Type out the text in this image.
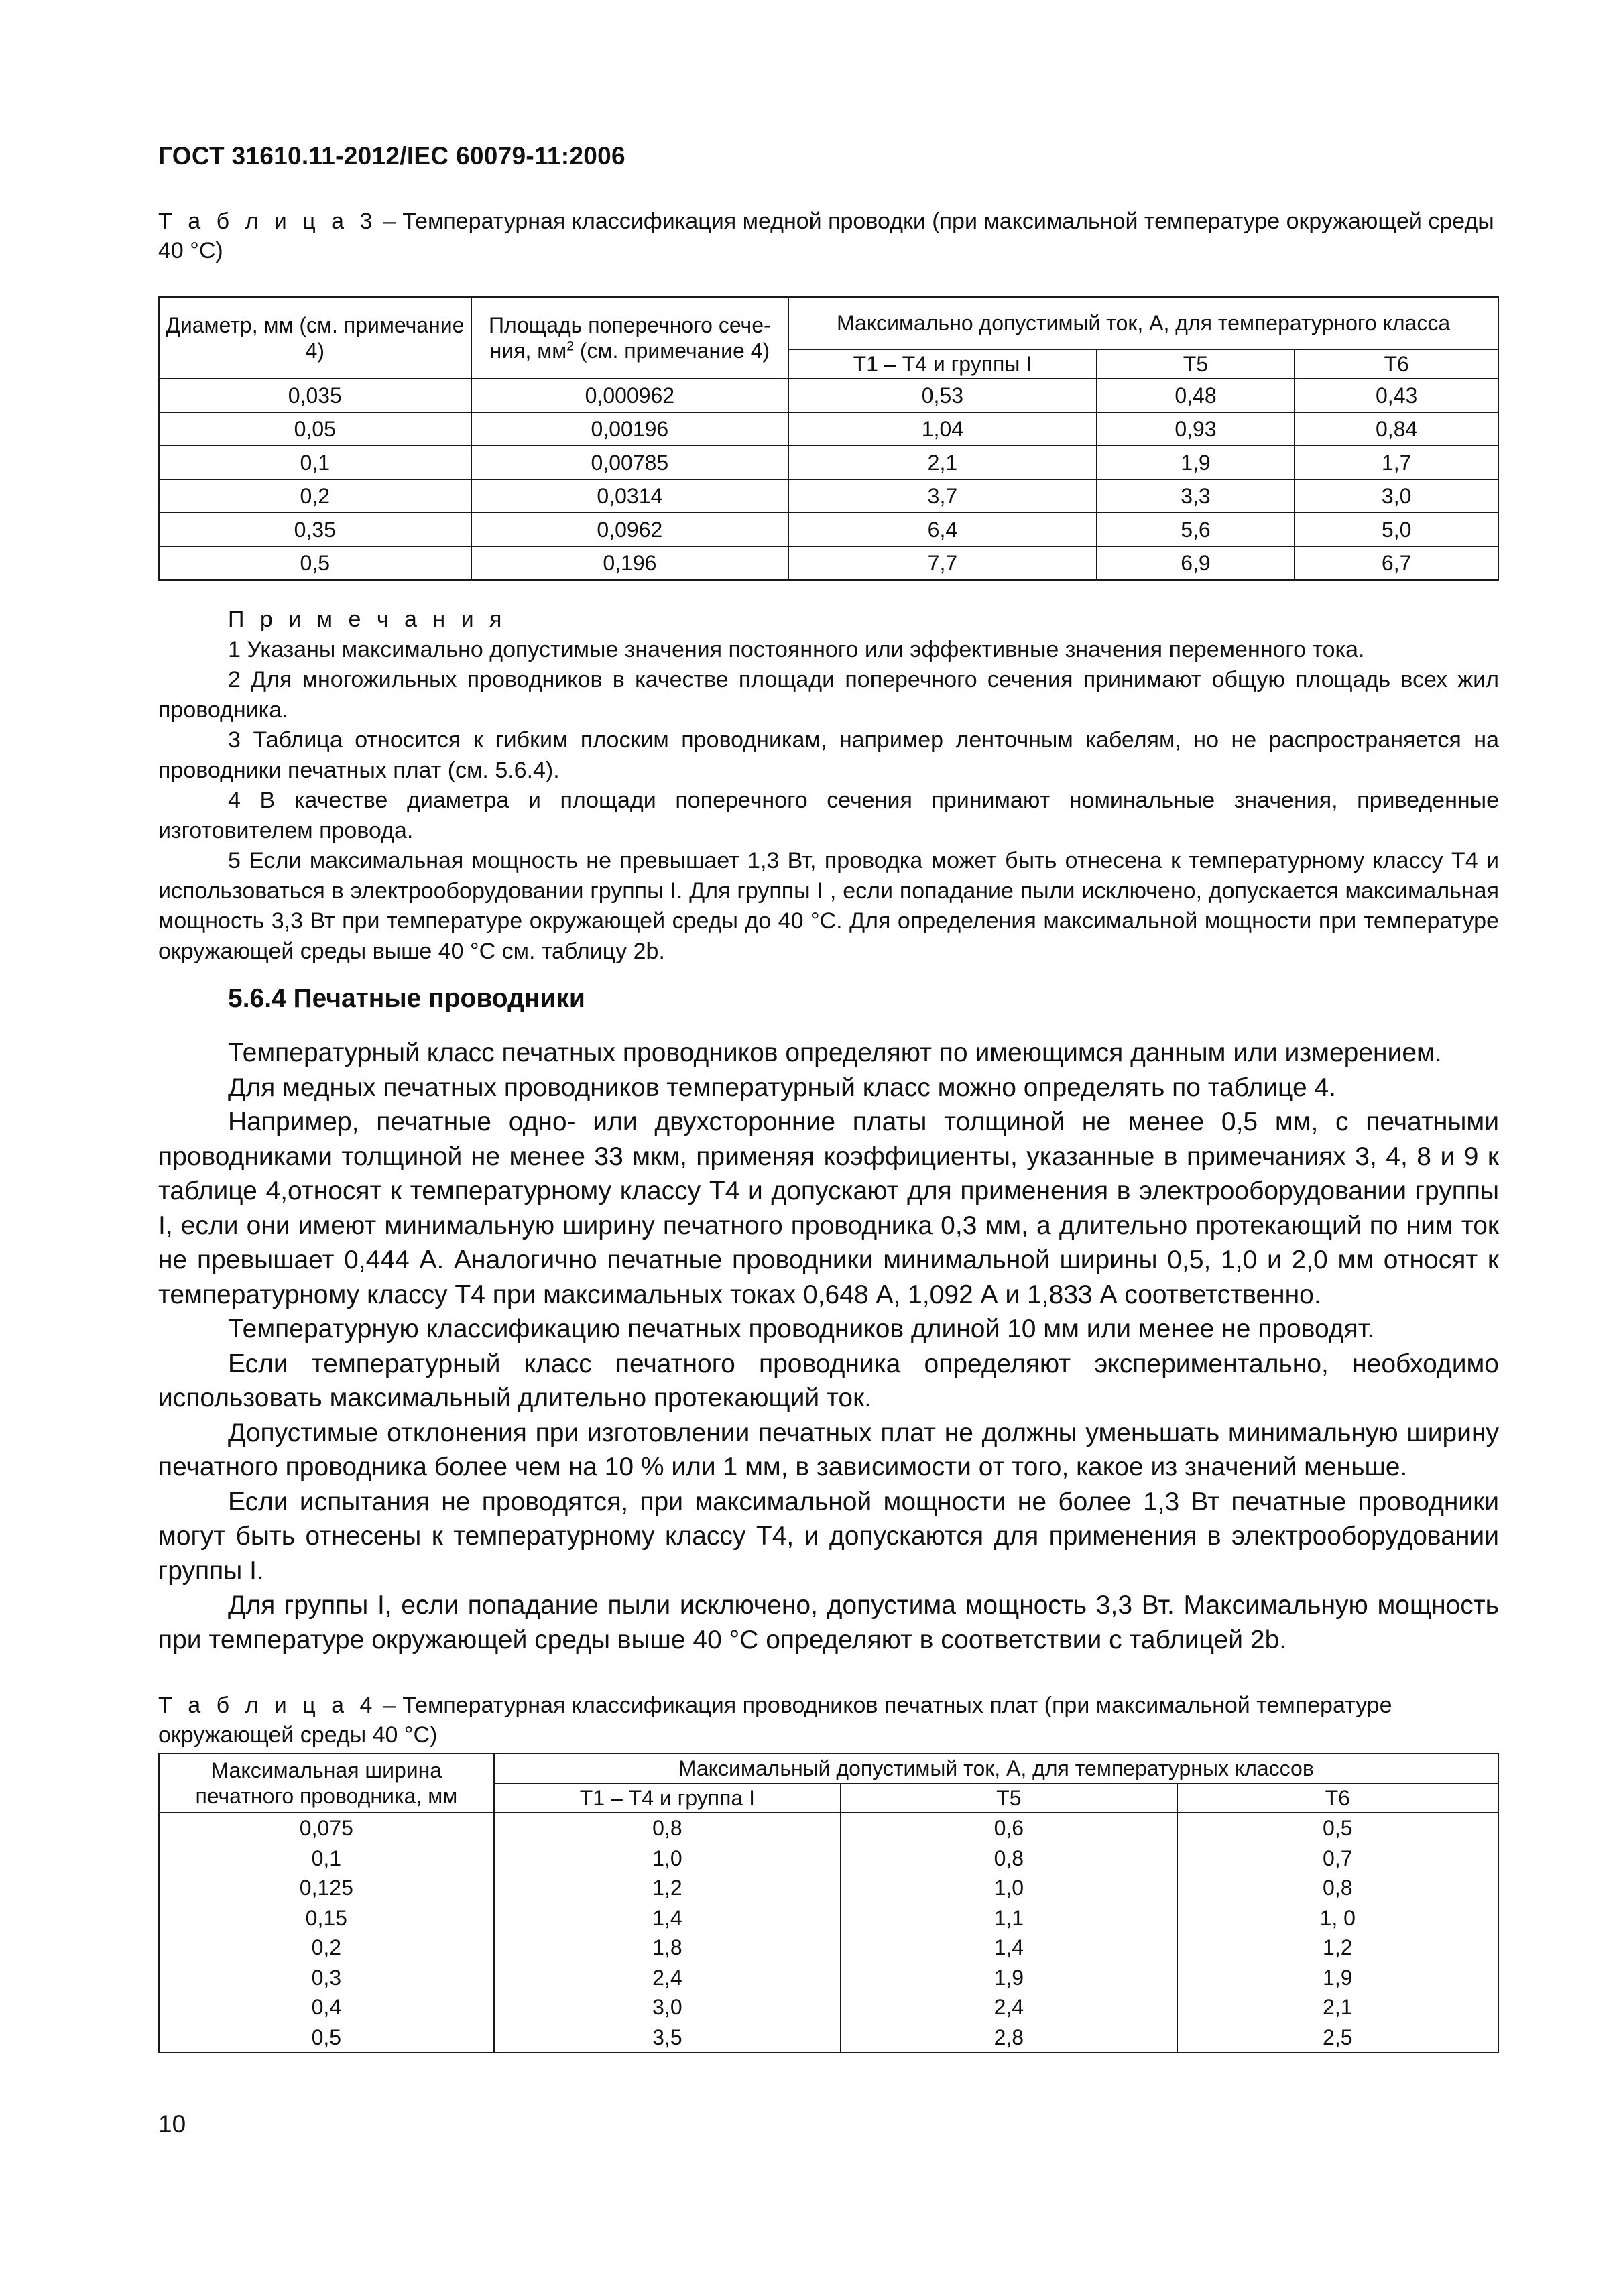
ГОСТ 31610.11-2012/IEC 60079-11:2006
Т а б л и ц а 3 – Температурная классификация медной проводки (при максимальной температуре окружающей среды 40 °С)
Диаметр, мм (см. примечание 4)	Площадь поперечного сече-ния, $мм^2$ (см. примечание 4)	Максимально допустимый ток, А, для температурного класса		
		Т1 – Т4 и группы I	Т5	Т6
0,035	0,000962	0,53	0,48	0,43
0,05	0,00196	1,04	0,93	0,84
0,1	0,00785	2,1	1,9	1,7
0,2	0,0314	3,7	3,3	3,0
0,35	0,0962	6,4	5,6	5,0
0,5	0,196	7,7	6,9	6,7

П р и м е ч а н и я

1 Указаны максимально допустимые значения постоянного или эффективные значения переменного тока.

2 Для многожильных проводников в качестве площади поперечного сечения принимают общую площадь всех жил проводника.

3 Таблица относится к гибким плоским проводникам, например ленточным кабелям, но не распространяется на проводники печатных плат (см. 5.6.4).

4 В качестве диаметра и площади поперечного сечения принимают номинальные значения, приведенные изготовителем провода.

5 Если максимальная мощность не превышает 1,3 Вт, проводка может быть отнесена к температурному классу Т4 и использоваться в электрооборудовании группы I. Для группы I , если попадание пыли исключено, допускается максимальная мощность 3,3 Вт при температуре окружающей среды до 40 °С. Для определения максимальной мощности при температуре окружающей среды выше 40 °С см. таблицу 2b.

5.6.4 Печатные проводники

Температурный класс печатных проводников определяют по имеющимся данным или измерением.

Для медных печатных проводников температурный класс можно определять по таблице 4.

Например, печатные одно- или двухсторонние платы толщиной не менее 0,5 мм, с печатными проводниками толщиной не менее 33 мкм, применяя коэффициенты, указанные в примечаниях 3, 4, 8 и 9 к таблице 4,относят к температурному классу Т4 и допускают для применения в электрооборудовании группы I, если они имеют минимальную ширину печатного проводника 0,3 мм, а длительно протекающий по ним ток не превышает 0,444 А. Аналогично печатные проводники минимальной ширины 0,5, 1,0 и 2,0 мм относят к температурному классу Т4 при максимальных токах 0,648 А, 1,092 А и 1,833 А соответственно.

Температурную классификацию печатных проводников длиной 10 мм или менее не проводят.

Если температурный класс печатного проводника определяют экспериментально, необходимо использовать максимальный длительно протекающий ток.

Допустимые отклонения при изготовлении печатных плат не должны уменьшать минимальную ширину печатного проводника более чем на 10 % или 1 мм, в зависимости от того, какое из значений меньше.

Если испытания не проводятся, при максимальной мощности не более 1,3 Вт печатные проводники могут быть отнесены к температурному классу Т4, и допускаются для применения в электрооборудовании группы I.

Для группы I, если попадание пыли исключено, допустима мощность 3,3 Вт. Максимальную мощность при температуре окружающей среды выше 40 °С определяют в соответствии с таблицей 2b.

Т а б л и ц а 4 – Температурная классификация проводников печатных плат (при максимальной температуре окружающей среды 40 °С)
Максимальная ширина печатного проводника, мм	Максимальный допустимый ток, А, для температурных классов		
	Т1 – Т4 и группа I	Т5	Т6
0,075	0,8	0,6	0,5
0,1	1,0	0,8	0,7
0,125	1,2	1,0	0,8
0,15	1,4	1,1	1, 0
0,2	1,8	1,4	1,2
0,3	2,4	1,9	1,9
0,4	3,0	2,4	2,1
0,5	3,5	2,8	2,5
10
